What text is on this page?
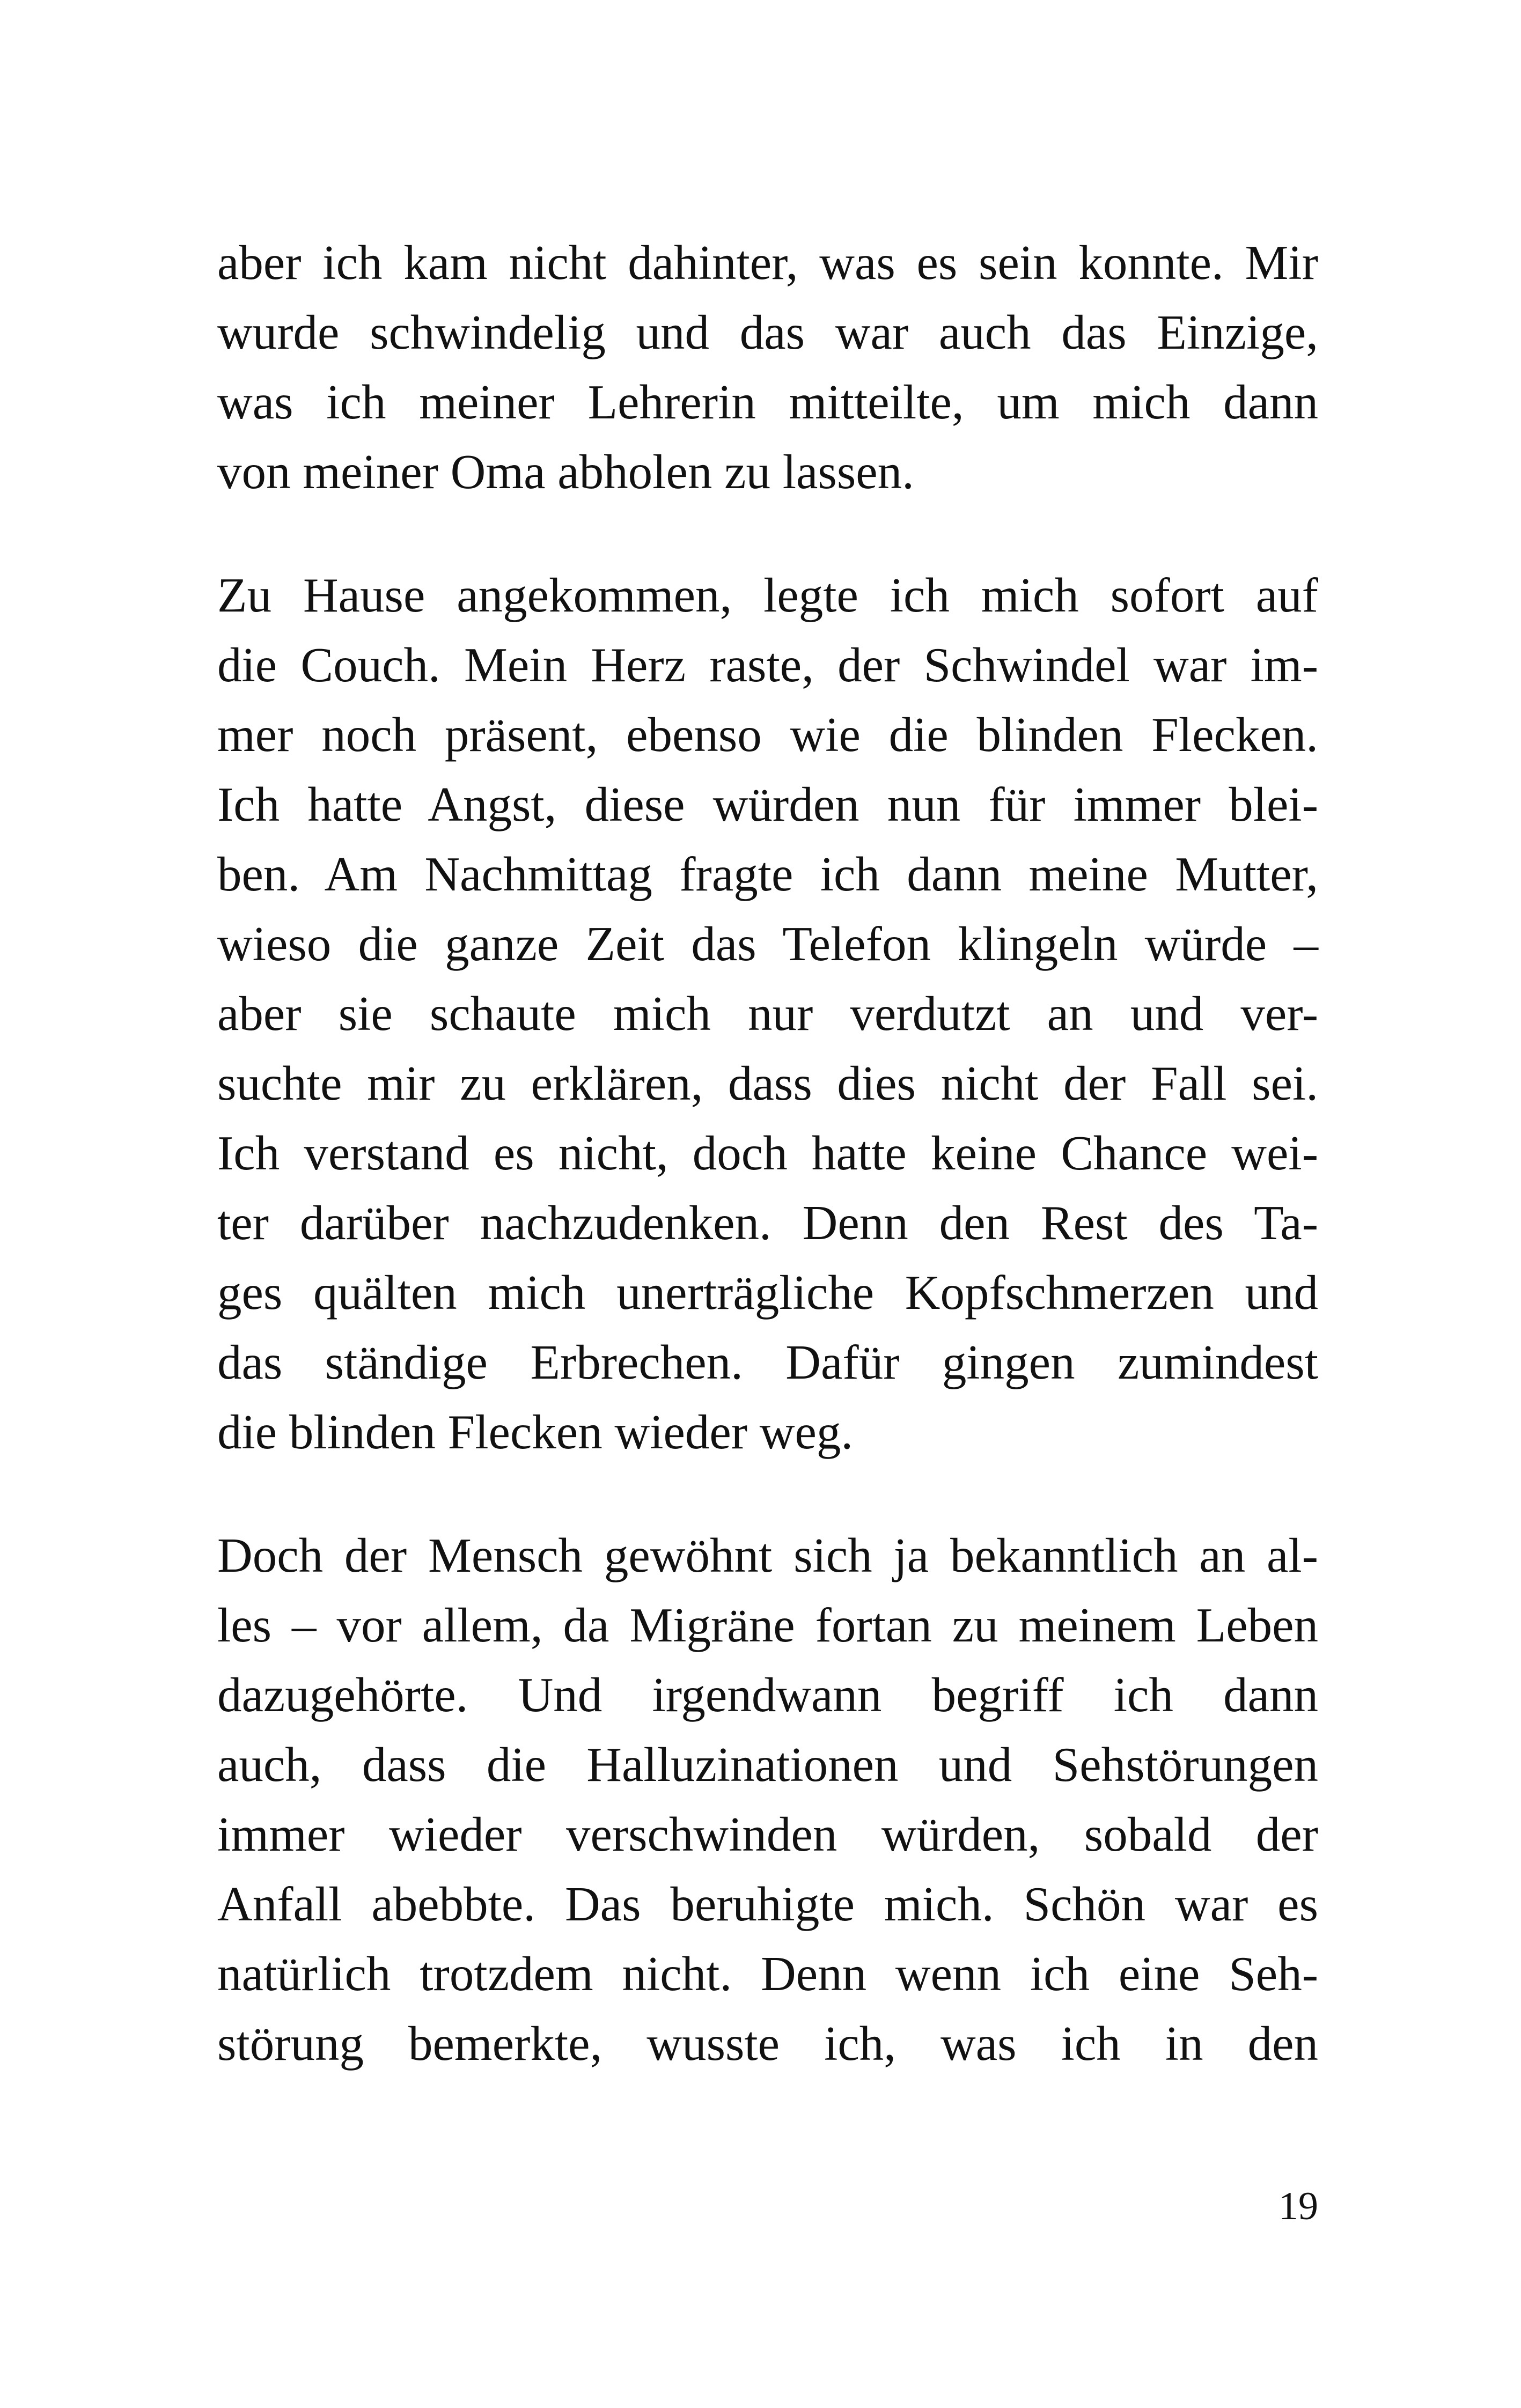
aber ich kam nicht dahinter, was es sein konnte. Mir
wurde schwindelig und das war auch das Einzige,
was ich meiner Lehrerin mitteilte, um mich dann
von meiner Oma abholen zu lassen.
Zu Hause angekommen, legte ich mich sofort auf
die Couch. Mein Herz raste, der Schwindel war im-
mer noch präsent, ebenso wie die blinden Flecken.
Ich hatte Angst, diese würden nun für immer blei-
ben. Am Nachmittag fragte ich dann meine Mutter,
wieso die ganze Zeit das Telefon klingeln würde –
aber sie schaute mich nur verdutzt an und ver-
suchte mir zu erklären, dass dies nicht der Fall sei.
Ich verstand es nicht, doch hatte keine Chance wei-
ter darüber nachzudenken. Denn den Rest des Ta-
ges quälten mich unerträgliche Kopfschmerzen und
das ständige Erbrechen. Dafür gingen zumindest
die blinden Flecken wieder weg.
Doch der Mensch gewöhnt sich ja bekanntlich an al-
les – vor allem, da Migräne fortan zu meinem Leben
dazugehörte. Und irgendwann begriff ich dann
auch, dass die Halluzinationen und Sehstörungen
immer wieder verschwinden würden, sobald der
Anfall abebbte. Das beruhigte mich. Schön war es
natürlich trotzdem nicht. Denn wenn ich eine Seh-
störung bemerkte, wusste ich, was ich in den
19
